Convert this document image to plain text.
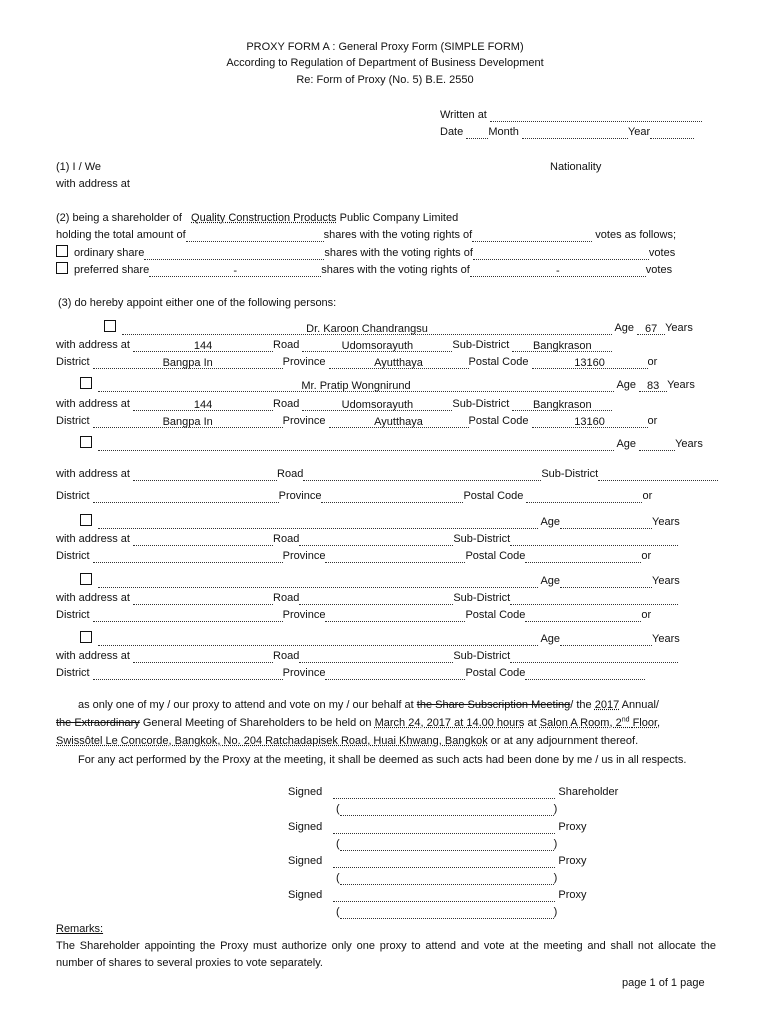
PROXY FORM A : General Proxy Form (SIMPLE FORM)
According to Regulation of Department of Business Development
Re: Form of Proxy (No. 5) B.E. 2550
Written at
Date Month	Year
(1) I / We	Nationality
with address at
(2) being a shareholder of Quality Construction Products Public Company Limited
holding the total amount of	shares with the voting rights of	votes as follows;
ordinary share	shares with the voting rights of	votes
preferred share	-	shares with the voting rights of	-	votes
(3) do hereby appoint either one of the following persons:
Dr. Karoon Chandrangsu	Age 67 Years
with address at	144	Road	Udomsorayuth	Sub-District Bangkrason
District	Bangpa In	Province	Ayutthaya	Postal Code	13160	or
Mr. Pratip Wongnirund	Age 83 Years
with address at	144	Road	Udomsorayuth	Sub-District Bangkrason
District	Bangpa In	Province	Ayutthaya	Postal Code	13160	or
Age	Years
with address at	Road	Sub-District
District	Province	Postal Code	or
Age	Years
with address at	Road	Sub-District
District	Province	Postal Code	or
Age	Years
with address at	Road	Sub-District
District	Province	Postal Code	or
Age	Years
with address at	Road	Sub-District
District	Province	Postal Code
as only one of my / our proxy to attend and vote on my / our behalf at the Share Subscription Meeting/ the 2017 Annual/
the Extraordinary General Meeting of Shareholders to be held on March 24, 2017 at 14.00 hours at Salon A Room, 2nd Floor,
Swissôtel Le Concorde, Bangkok, No. 204 Ratchadapisek Road, Huai Khwang, Bangkok or at any adjournment thereof.
For any act performed by the Proxy at the meeting, it shall be deemed as such acts had been done by me / us in all respects.
Signed	Shareholder
(	)
Signed	Proxy
(	)
Signed	Proxy
(	)
Signed	Proxy
(	)
Remarks:
The Shareholder appointing the Proxy must authorize only one proxy to attend and vote at the meeting and shall not allocate the number of shares to several proxies to vote separately.
page 1 of 1 page
